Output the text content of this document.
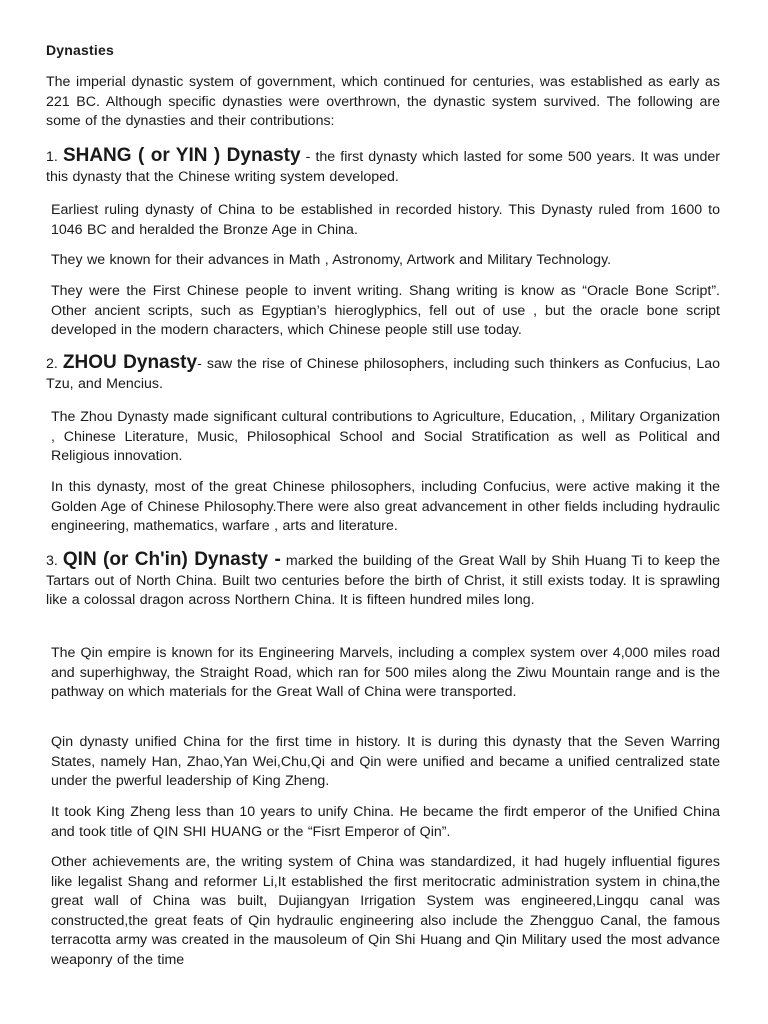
Dynasties

The imperial dynastic system of government, which continued for centuries, was established as early as 221 BC. Although specific dynasties were overthrown, the dynastic system survived. The following are some of the dynasties and their contributions:

1. SHANG ( or YIN ) Dynasty - the first dynasty which lasted for some 500 years. It was under this dynasty that the Chinese writing system developed.

Earliest ruling dynasty of China to be established in recorded history. This Dynasty ruled from 1600 to 1046 BC and heralded the Bronze Age in China.

They we known for their advances in Math , Astronomy, Artwork and Military Technology.

They were the First Chinese people to invent writing. Shang writing is know as “Oracle Bone Script”. Other ancient scripts, such as Egyptian’s hieroglyphics, fell out of use , but the oracle bone script developed in the modern characters, which Chinese people still use today.

2. ZHOU Dynasty- saw the rise of Chinese philosophers, including such thinkers as Confucius, Lao Tzu, and Mencius.

The Zhou Dynasty made significant cultural contributions to Agriculture, Education, , Military Organization , Chinese Literature, Music, Philosophical School and Social Stratification as well as Political and Religious innovation.

In this dynasty, most of the great Chinese philosophers, including Confucius, were active making it the Golden Age of Chinese Philosophy.There were also great advancement in other fields including hydraulic engineering, mathematics, warfare , arts and literature.

3. QIN (or Ch'in) Dynasty - marked the building of the Great Wall by Shih Huang Ti to keep the Tartars out of North China. Built two centuries before the birth of Christ, it still exists today. It is sprawling like a colossal dragon across Northern China. It is fifteen hundred miles long.

The Qin empire is known for its Engineering Marvels, including a complex system over 4,000 miles road and superhighway, the Straight Road, which ran for 500 miles along the Ziwu Mountain range and is the pathway on which materials for the Great Wall of China were transported.

Qin dynasty unified China for the first time in history. It is during this dynasty that the Seven Warring States, namely Han, Zhao,Yan Wei,Chu,Qi and Qin were unified and became a unified centralized state under the pwerful leadership of King Zheng.

It took King Zheng less than 10 years to unify China. He became the firdt emperor of the Unified China and took title of QIN SHI HUANG or the “Fisrt Emperor of Qin”.

Other achievements are, the writing system of China was standardized, it had hugely influential figures like legalist Shang and reformer Li,It established the first meritocratic administration system in china,the great wall of China was built, Dujiangyan Irrigation System was engineered,Lingqu canal was constructed,the great feats of Qin hydraulic engineering also include the Zhengguo Canal, the famous terracotta army was created in the mausoleum of Qin Shi Huang and Qin Military used the most advance weaponry of the time
